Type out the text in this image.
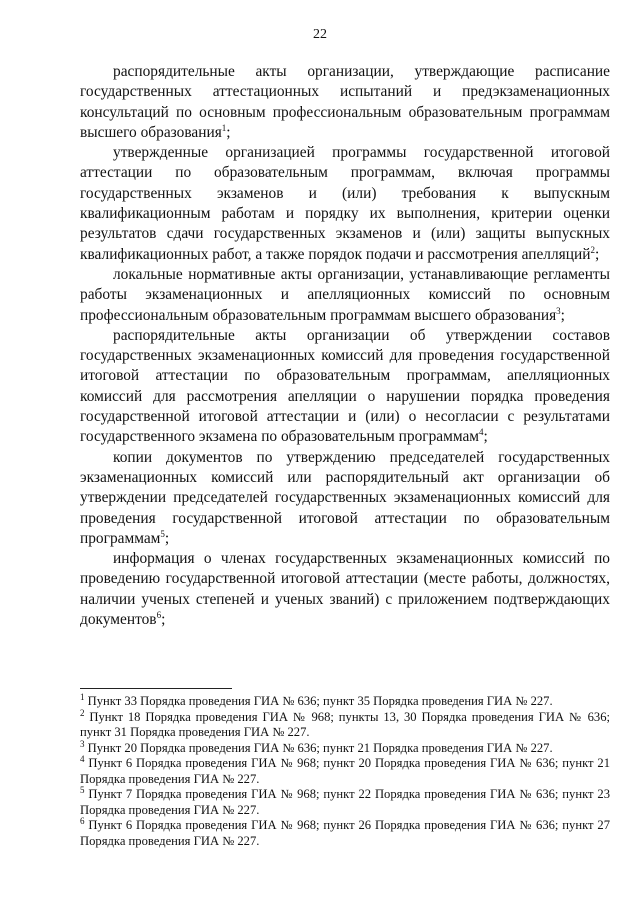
22

распорядительные акты организации, утверждающие расписание государственных аттестационных испытаний и предэкзаменационных консультаций по основным профессиональным образовательным программам высшего образования$^1$;

утвержденные организацией программы государственной итоговой аттестации по образовательным программам, включая программы государственных экзаменов и (или) требования к выпускным квалификационным работам и порядку их выполнения, критерии оценки результатов сдачи государственных экзаменов и (или) защиты выпускных квалификационных работ, а также порядок подачи и рассмотрения апелляций$^2$;

локальные нормативные акты организации, устанавливающие регламенты работы экзаменационных и апелляционных комиссий по основным профессиональным образовательным программам высшего образования$^3$;

распорядительные акты организации об утверждении составов государственных экзаменационных комиссий для проведения государственной итоговой аттестации по образовательным программам, апелляционных комиссий для рассмотрения апелляции о нарушении порядка проведения государственной итоговой аттестации и (или) о несогласии с результатами государственного экзамена по образовательным программам$^4$;

копии документов по утверждению председателей государственных экзаменационных комиссий или распорядительный акт организации об утверждении председателей государственных экзаменационных комиссий для проведения государственной итоговой аттестации по образовательным программам$^5$;

информация о членах государственных экзаменационных комиссий по проведению государственной итоговой аттестации (месте работы, должностях, наличии ученых степеней и ученых званий) с приложением подтверждающих документов$^6$;

$^1$ Пункт 33 Порядка проведения ГИА № 636; пункт 35 Порядка проведения ГИА № 227.

$^2$ Пункт 18 Порядка проведения ГИА № 968; пункты 13, 30 Порядка проведения ГИА № 636; пункт 31 Порядка проведения ГИА № 227.

$^3$ Пункт 20 Порядка проведения ГИА № 636; пункт 21 Порядка проведения ГИА № 227.

$^4$ Пункт 6 Порядка проведения ГИА № 968; пункт 20 Порядка проведения ГИА № 636; пункт 21 Порядка проведения ГИА № 227.

$^5$ Пункт 7 Порядка проведения ГИА № 968; пункт 22 Порядка проведения ГИА № 636; пункт 23 Порядка проведения ГИА № 227.

$^6$ Пункт 6 Порядка проведения ГИА № 968; пункт 26 Порядка проведения ГИА № 636; пункт 27 Порядка проведения ГИА № 227.
